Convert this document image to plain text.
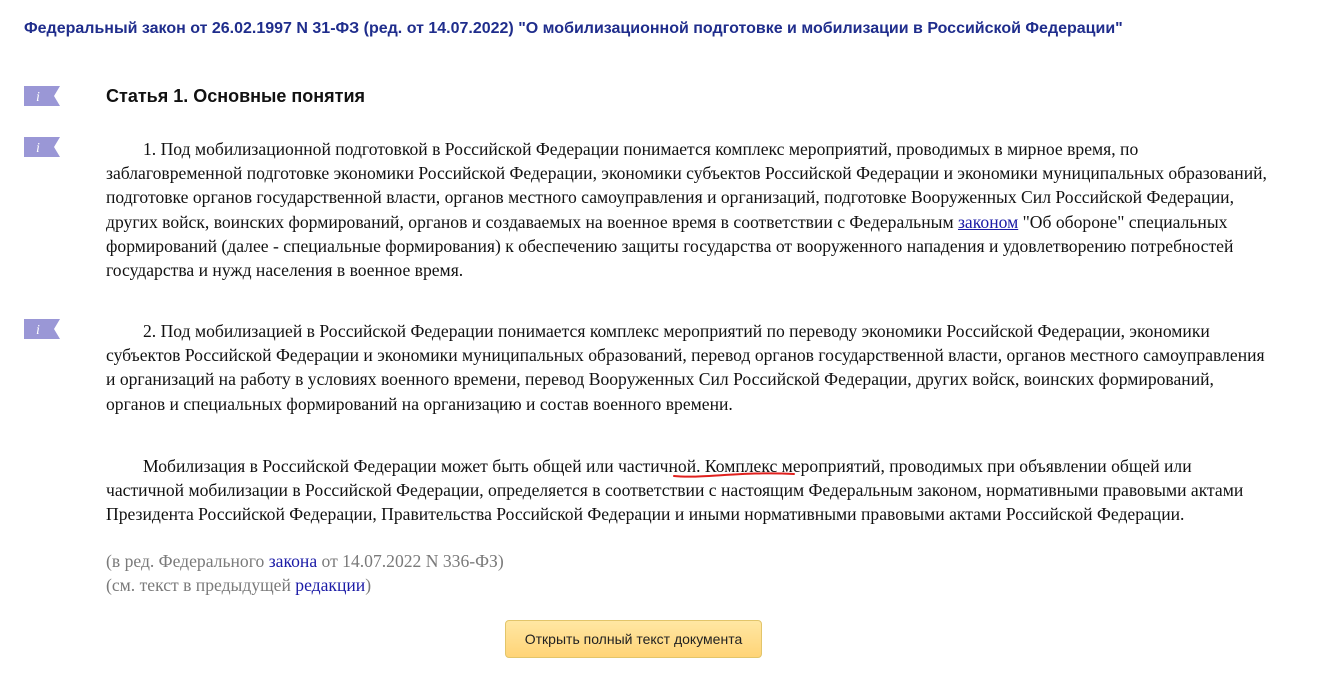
Федеральный закон от 26.02.1997 N 31-ФЗ (ред. от 14.07.2022) "О мобилизационной подготовке и мобилизации в Российской Федерации"
i	Статья 1. Основные понятия
i	1. Под мобилизационной подготовкой в Российской Федерации понимается комплекс мероприятий, проводимых в мирное время, по заблаговременной подготовке экономики Российской Федерации, экономики субъектов Российской Федерации и экономики муниципальных образований, подготовке органов государственной власти, органов местного самоуправления и организаций, подготовке Вооруженных Сил Российской Федерации, других войск, воинских формирований, органов и создаваемых на военное время в соответствии с Федеральным законом "Об обороне" специальных формирований (далее - специальные формирования) к обеспечению защиты государства от вооруженного нападения и удовлетворению потребностей государства и нужд населения в военное время.

i	2. Под мобилизацией в Российской Федерации понимается комплекс мероприятий по переводу экономики Российской Федерации, экономики субъектов Российской Федерации и экономики муниципальных образований, перевод органов государственной власти, органов местного самоуправления и организаций на работу в условиях военного времени, перевод Вооруженных Сил Российской Федерации, других войск, воинских формирований, органов и специальных формирований на организацию и состав военного времени.

Мобилизация в Российской Федерации может быть общей или частичной. Комплекс мероприятий, проводимых при объявлении общей или частичной мобилизации в Российской Федерации, определяется в соответствии с настоящим Федеральным законом, нормативными правовыми актами Президента Российской Федерации, Правительства Российской Федерации и иными нормативными правовыми актами Российской Федерации.

(в ред. Федерального закона от 14.07.2022 N 336-ФЗ)
(см. текст в предыдущей редакции)
Открыть полный текст документа
